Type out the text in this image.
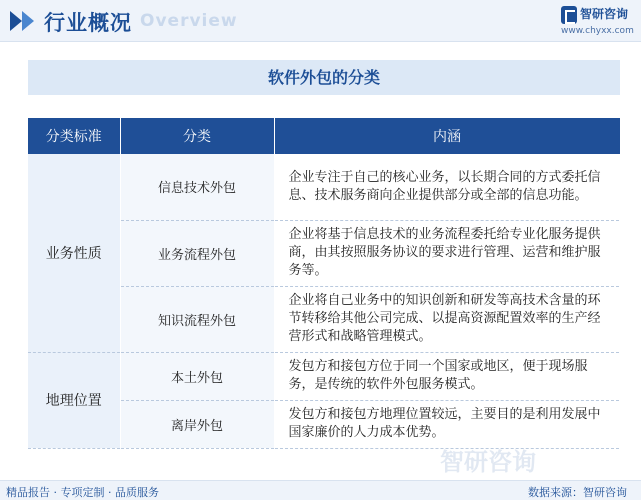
行业概况 Overview	智研咨询
www.chyxx.com
软件外包的分类
分类标准	分类	内涵
业务性质	信息技术外包	企业专注于自己的核心业务，以长期合同的方式委托信息、技术服务商向企业提供部分或全部的信息功能。
	业务流程外包	企业将基于信息技术的业务流程委托给专业化服务提供商，由其按照服务协议的要求进行管理、运营和维护服务等。
	知识流程外包	企业将自己业务中的知识创新和研发等高技术含量的环节转移给其他公司完成、以提高资源配置效率的生产经营形式和战略管理模式。
地理位置	本土外包	发包方和接包方位于同一个国家或地区，便于现场服务，是传统的软件外包服务模式。
	离岸外包	发包方和接包方地理位置较远，主要目的是利用发展中国家廉价的人力成本优势。
智研咨询
精品报告 · 专项定制 · 品质服务	数据来源：智研咨询
